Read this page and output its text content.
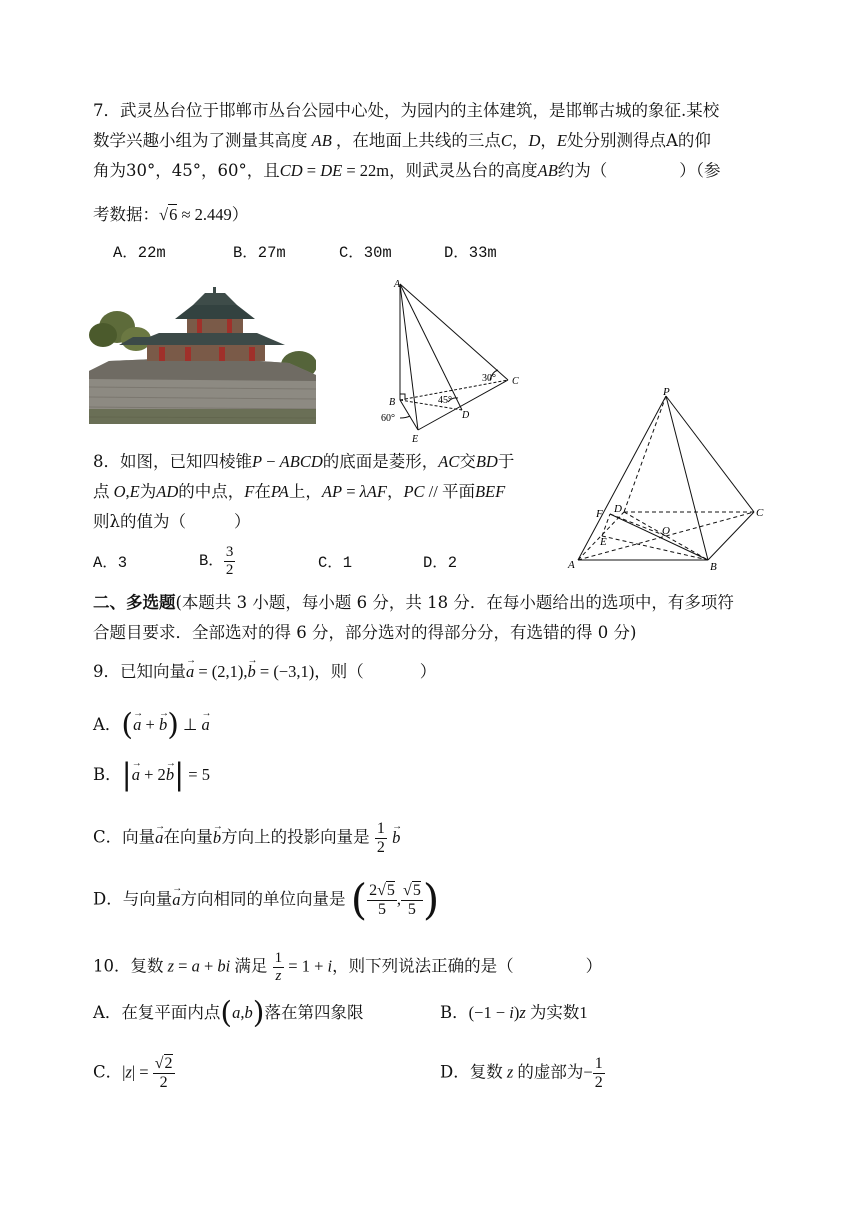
7．武灵丛台位于邯郸市丛台公园中心处，为园内的主体建筑，是邯郸古城的象征.某校
数学兴趣小组为了测量其高度 AB ，在地面上共线的三点C，D，E处分别测得点A的仰
角为30°，45°，60°，且CD = DE = 22m，则武灵丛台的高度AB约为（	）（参
考数据：√6 ≈ 2.449）
A．22m	B．27m	C．30m	D．33m
A
B
C
D
E
30°
45°
60°
8．如图，已知四棱锥P − ABCD的底面是菱形，AC交BD于
点 O,E为AD的中点，F在PA上，AP = λAF，PC // 平面BEF
则λ的值为（	）
A．3	B． $\frac{3}{2}$	C．1	D．2
P
A	B
C
D
E
F
O
二、多选题(本题共 3 小题，每小题 6 分，共 18 分．在每小题给出的选项中，有多项符
合题目要求．全部选对的得 6 分，部分选对的得部分分，有选错的得 0 分)
9．已知向量→ a = (2,1),→ b = (−3,1)，则（	）
A．(→ a + → b) ⊥ → a
B．|→ a + 2→ b| = 5
C．向量→ a在向量→ b方向上的投影向量是 $\frac{1}{2}$
→ b
D．与向量→ a方向相同的单位向量是 ( $\frac{2√5}{5}$ , $\frac{√5}{5}$ )
10．复数 z = a + bi 满足 $\frac{1}{z} = 1 + i$，则下列说法正确的是（	）
A．在复平面内点(a,b)落在第四象限	B．(−1 − i)z 为实数1
C．$|z| = \frac{√2}{2}$	D．复数 z 的虚部为− $\frac{1}{2}$
